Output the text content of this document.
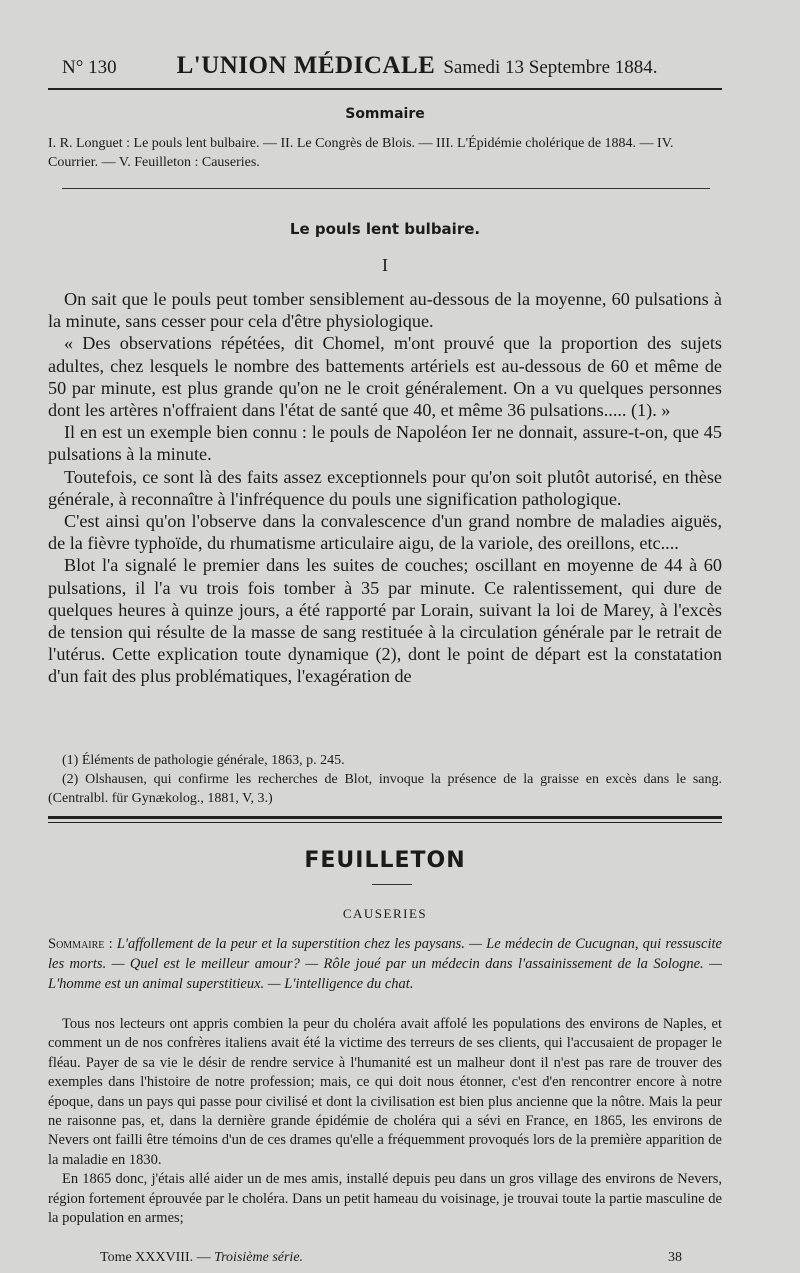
N° 130 L'UNION MÉDICALE Samedi 13 Septembre 1884.
Sommaire
I. R. Longuet : Le pouls lent bulbaire. — II. Le Congrès de Blois. — III. L'Épidémie cholérique de 1884. — IV. Courrier. — V. Feuilleton : Causeries.
Le pouls lent bulbaire.
I

On sait que le pouls peut tomber sensiblement au-dessous de la moyenne, 60 pulsations à la minute, sans cesser pour cela d'être physiologique.

« Des observations répétées, dit Chomel, m'ont prouvé que la proportion des sujets adultes, chez lesquels le nombre des battements artériels est au-dessous de 60 et même de 50 par minute, est plus grande qu'on ne le croit généralement. On a vu quelques personnes dont les artères n'offraient dans l'état de santé que 40, et même 36 pulsations..... (1). »

Il en est un exemple bien connu : le pouls de Napoléon Ier ne donnait, assure-t-on, que 45 pulsations à la minute.

Toutefois, ce sont là des faits assez exceptionnels pour qu'on soit plutôt autorisé, en thèse générale, à reconnaître à l'infréquence du pouls une signification pathologique.

C'est ainsi qu'on l'observe dans la convalescence d'un grand nombre de maladies aiguës, de la fièvre typhoïde, du rhumatisme articulaire aigu, de la variole, des oreillons, etc....

Blot l'a signalé le premier dans les suites de couches; oscillant en moyenne de 44 à 60 pulsations, il l'a vu trois fois tomber à 35 par minute. Ce ralentissement, qui dure de quelques heures à quinze jours, a été rapporté par Lorain, suivant la loi de Marey, à l'excès de tension qui résulte de la masse de sang restituée à la circulation générale par le retrait de l'utérus. Cette explication toute dynamique (2), dont le point de départ est la constatation d'un fait des plus problématiques, l'exagération de

(1) Éléments de pathologie générale, 1863, p. 245.

(2) Olshausen, qui confirme les recherches de Blot, invoque la présence de la graisse en excès dans le sang. (Centralbl. für Gynækolog., 1881, V, 3.)

FEUILLETON
CAUSERIES
Sommaire : L'affollement de la peur et la superstition chez les paysans. — Le médecin de Cucugnan, qui ressuscite les morts. — Quel est le meilleur amour? — Rôle joué par un médecin dans l'assainissement de la Sologne. — L'homme est un animal superstitieux. — L'intelligence du chat.

Tous nos lecteurs ont appris combien la peur du choléra avait affolé les populations des environs de Naples, et comment un de nos confrères italiens avait été la victime des terreurs de ses clients, qui l'accusaient de propager le fléau. Payer de sa vie le désir de rendre service à l'humanité est un malheur dont il n'est pas rare de trouver des exemples dans l'histoire de notre profession; mais, ce qui doit nous étonner, c'est d'en rencontrer encore à notre époque, dans un pays qui passe pour civilisé et dont la civilisation est bien plus ancienne que la nôtre. Mais la peur ne raisonne pas, et, dans la dernière grande épidémie de choléra qui a sévi en France, en 1865, les environs de Nevers ont failli être témoins d'un de ces drames qu'elle a fréquemment provoqués lors de la première apparition de la maladie en 1830.

En 1865 donc, j'étais allé aider un de mes amis, installé depuis peu dans un gros village des environs de Nevers, région fortement éprouvée par le choléra. Dans un petit hameau du voisinage, je trouvai toute la partie masculine de la population en armes;

Tome XXXVIII. — Troisième série.	38
